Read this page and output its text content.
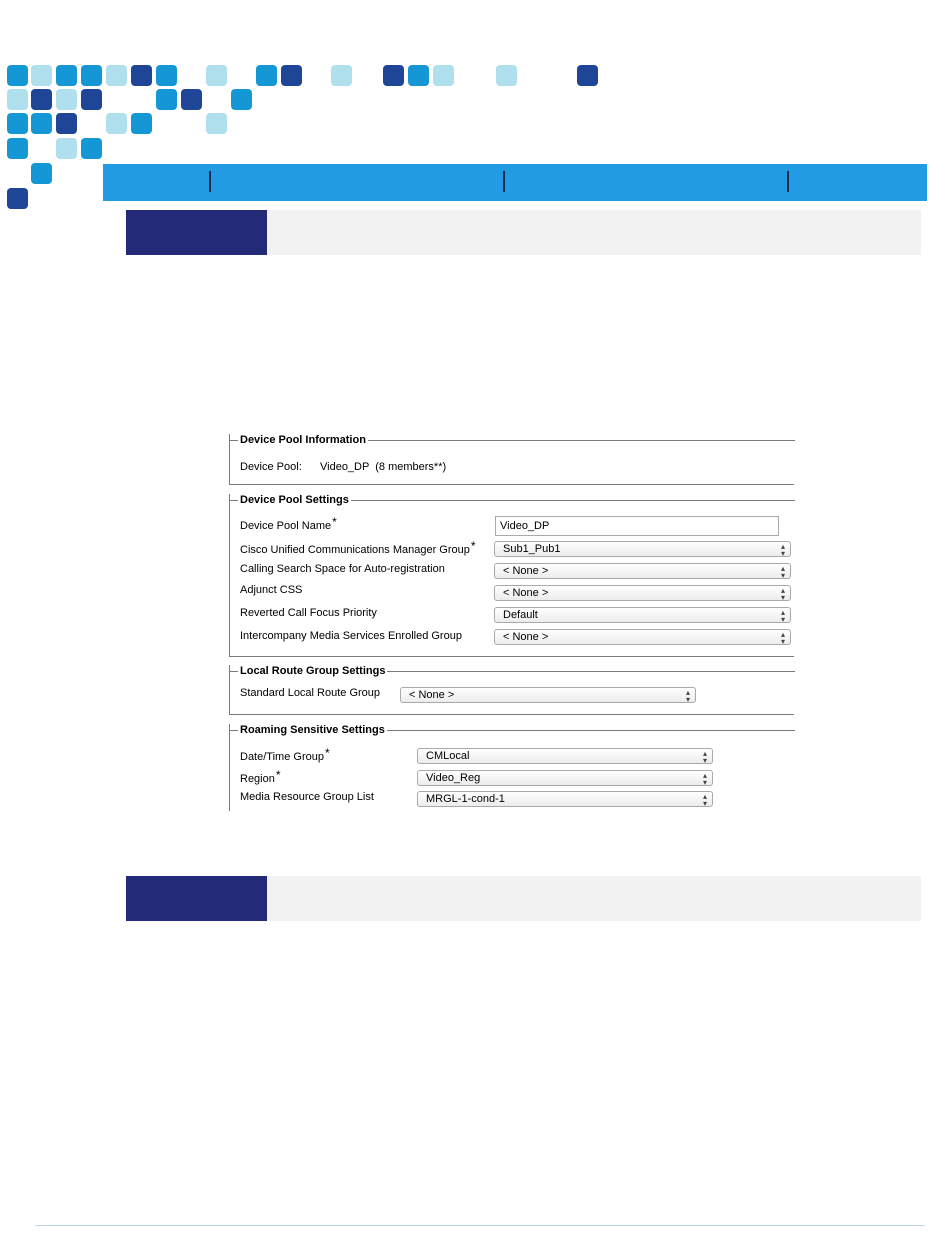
Device Pool Information
Device Pool: Video_DP  (8 members**)
Device Pool Settings
Device Pool Name*	Video_DP
Cisco Unified Communications Manager Group*	Sub1_Pub1	▴
▾
Calling Search Space for Auto-registration	< None >	▴
▾
Adjunct CSS	< None >	▴
▾
Reverted Call Focus Priority	Default	▴
▾
Intercompany Media Services Enrolled Group	< None >	▴
▾
Local Route Group Settings
Standard Local Route Group	< None >	▴
▾
Roaming Sensitive Settings
Date/Time Group*	CMLocal	▴
▾
Region*	Video_Reg	▴
▾
Media Resource Group List	MRGL-1-cond-1	▴
▾
